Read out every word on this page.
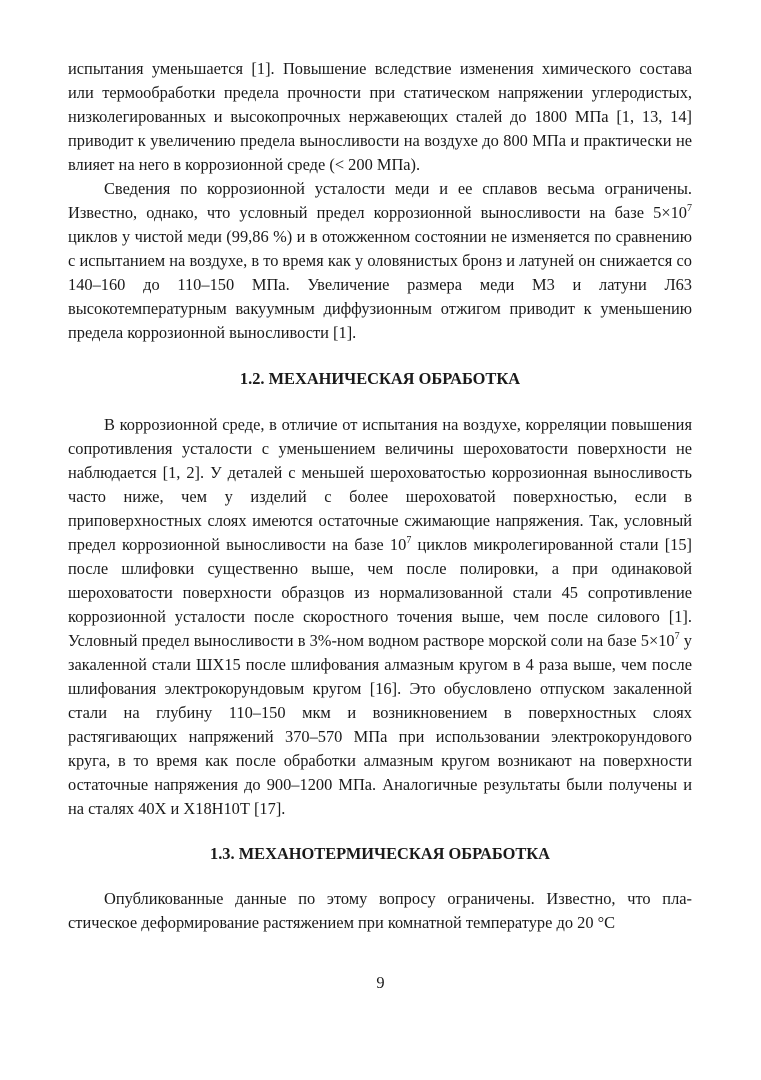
испытания уменьшается [1]. Повышение вследствие изменения химического состава или термообработки предела прочности при статическом напряжении углеродистых, низколегированных и высокопрочных нержавеющих сталей до 1800 МПа [1, 13, 14] приводит к увеличению предела выносливости на воздухе до 800 МПа и практически не влияет на него в коррозионной среде (< 200 МПа).

Сведения по коррозионной усталости меди и ее сплавов весьма ограничены. Известно, однако, что условный предел коррозионной выносливости на базе $5\times 10^7$ циклов у чистой меди (99,86 %) и в отожженном состоянии не изменяется по сравнению с испытанием на воздухе, в то время как у оловянистых бронз и латуней он снижается со 140–160 до 110–150 МПа. Увеличение размера меди М3 и латуни Л63 высокотемпературным вакуумным диффузионным отжигом приводит к уменьшению предела коррозионной выносливости [1].

1.2. МЕХАНИЧЕСКАЯ ОБРАБОТКА

В коррозионной среде, в отличие от испытания на воздухе, корреляции повышения сопротивления усталости с уменьшением величины шероховатости поверхности не наблюдается [1, 2]. У деталей с меньшей шероховатостью коррозионная выносливость часто ниже, чем у изделий с более шероховатой поверхностью, если в приповерхностных слоях имеются остаточные сжимающие напряжения. Так, условный предел коррозионной выносливости на базе $10^7$ циклов микролегированной стали [15] после шлифовки существенно выше, чем после полировки, а при одинаковой шероховатости поверхности образцов из нормализованной стали 45 сопротивление коррозионной усталости после скоростного точения выше, чем после силового [1]. Условный предел выносливости в 3%-ном водном растворе морской соли на базе $5\times 10^7$ у закаленной стали ШХ15 после шлифования алмазным кругом в 4 раза выше, чем после шлифования электрокорундовым кругом [16]. Это обусловлено отпуском закаленной стали на глубину 110–150 мкм и возникновением в поверхностных слоях растягивающих напряжений 370–570 МПа при использовании электрокорундового круга, в то время как после обработки алмазным кругом возникают на поверхности остаточные напряжения до 900–1200 МПа. Аналогичные результаты были получены и на сталях 40Х и Х18Н10Т [17].

1.3. МЕХАНОТЕРМИЧЕСКАЯ ОБРАБОТКА

Опубликованные данные по этому вопросу ограничены. Известно, что пластическое деформирование растяжением при комнатной температуре до 20 °С

9
